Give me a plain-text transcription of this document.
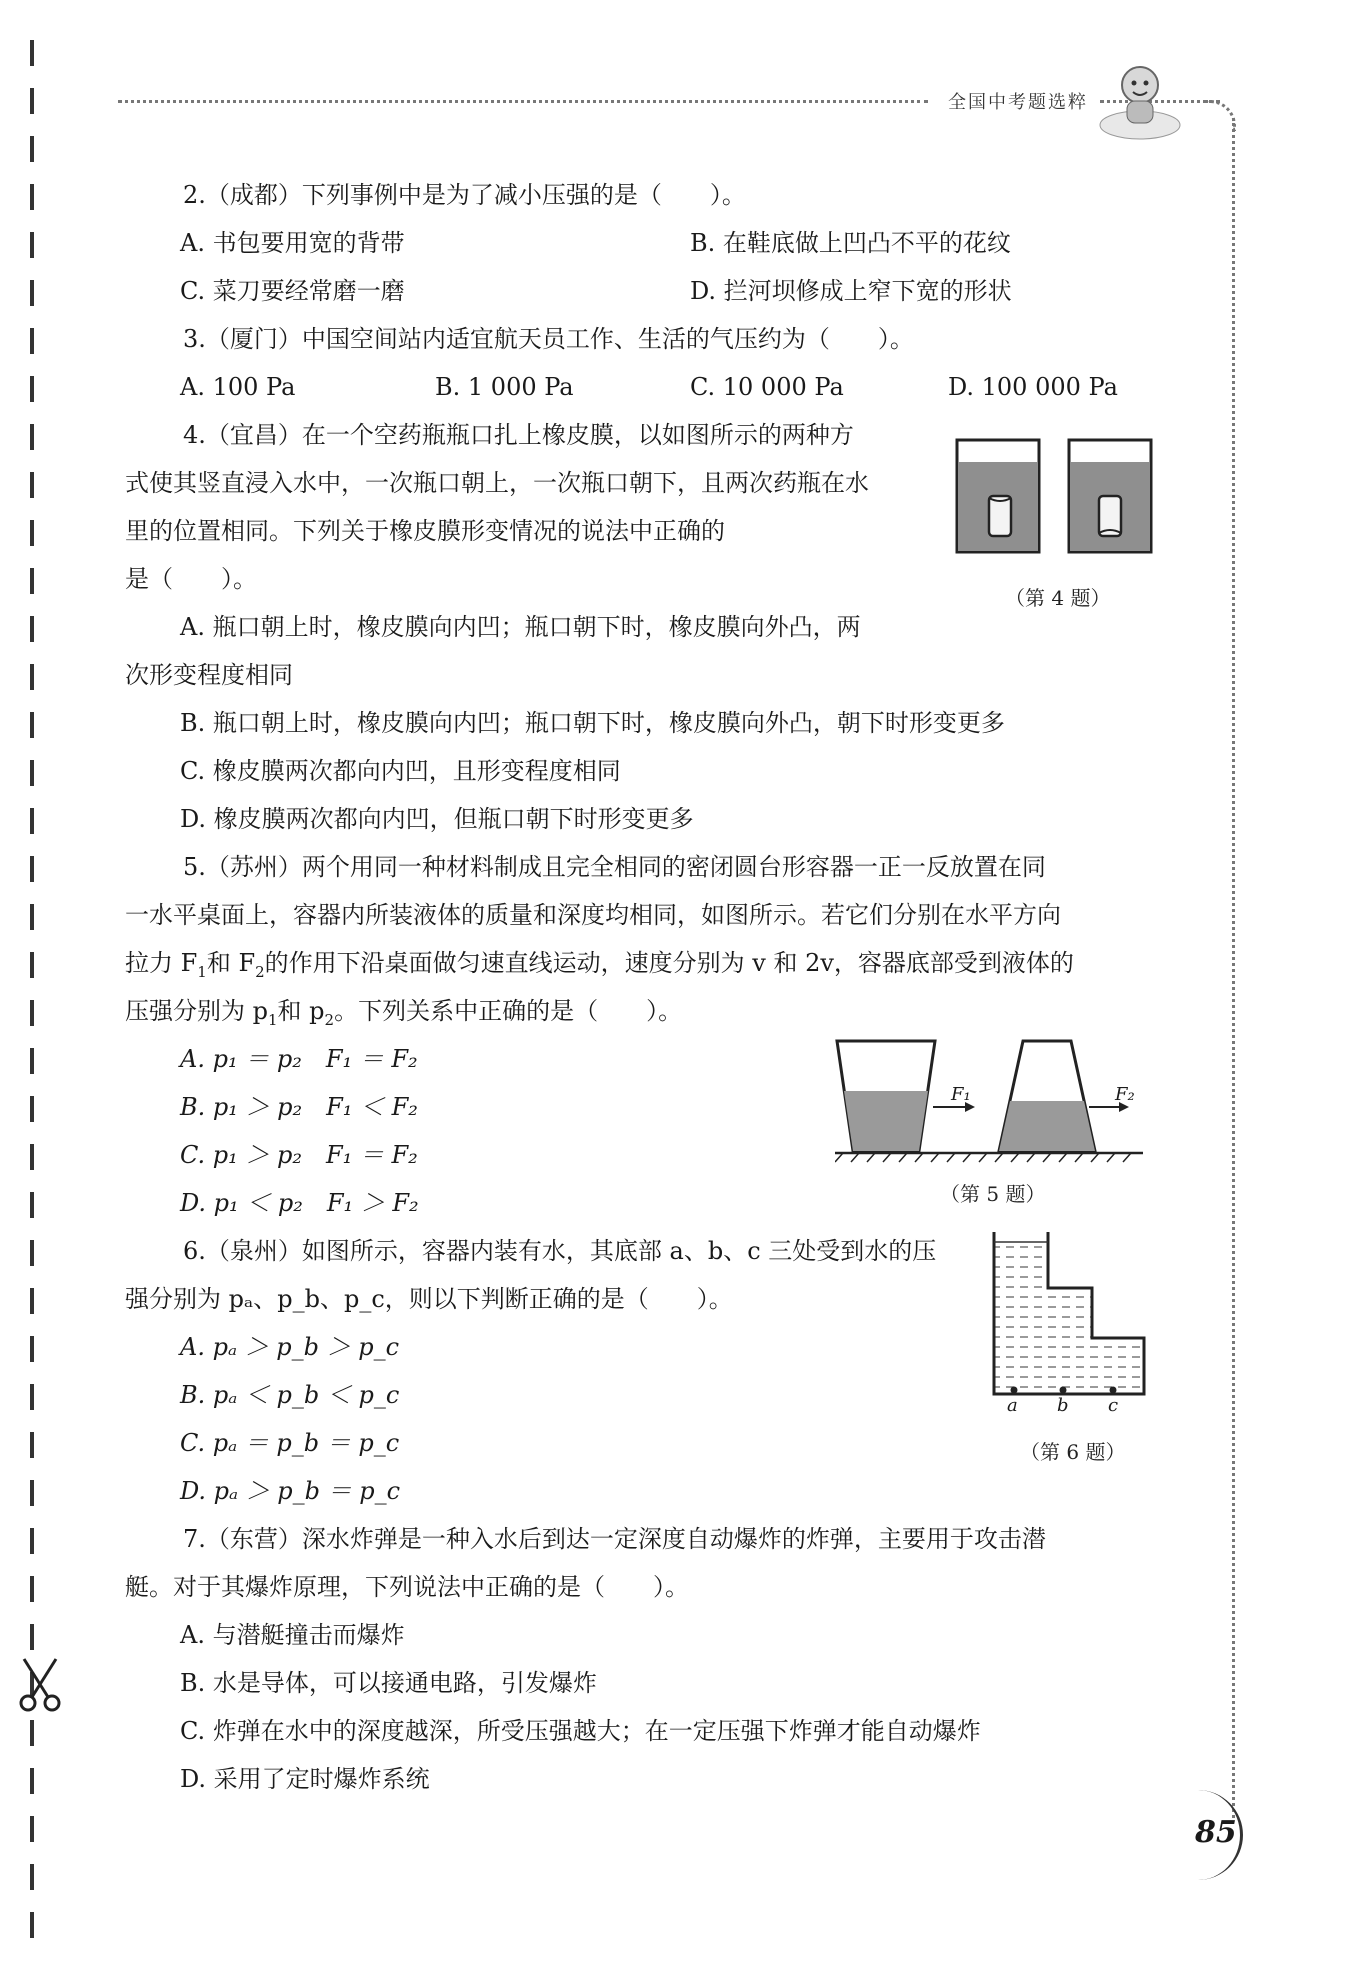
全国中考题选粹
2.（成都）下列事例中是为了减小压强的是（　　）。
A. 书包要用宽的背带	B. 在鞋底做上凹凸不平的花纹
C. 菜刀要经常磨一磨	D. 拦河坝修成上窄下宽的形状
3.（厦门）中国空间站内适宜航天员工作、生活的气压约为（　　）。
A. 100 Pa	B. 1 000 Pa	C. 10 000 Pa	D. 100 000 Pa
4.（宜昌）在一个空药瓶瓶口扎上橡皮膜，以如图所示的两种方
式使其竖直浸入水中，一次瓶口朝上，一次瓶口朝下，且两次药瓶在水
里的位置相同。下列关于橡皮膜形变情况的说法中正确的
是（　　）。
（第 4 题）
A. 瓶口朝上时，橡皮膜向内凹；瓶口朝下时，橡皮膜向外凸，两
次形变程度相同
B. 瓶口朝上时，橡皮膜向内凹；瓶口朝下时，橡皮膜向外凸，朝下时形变更多
C. 橡皮膜两次都向内凹，且形变程度相同
D. 橡皮膜两次都向内凹，但瓶口朝下时形变更多
5.（苏州）两个用同一种材料制成且完全相同的密闭圆台形容器一正一反放置在同
一水平桌面上，容器内所装液体的质量和深度均相同，如图所示。若它们分别在水平方向
拉力 $F_1$和 $F_2$的作用下沿桌面做匀速直线运动，速度分别为 v 和 2v，容器底部受到液体的
压强分别为 $p_1$和 $p_2$。下列关系中正确的是（　　）。
A. p₁ ＝ p₂　F₁ ＝ F₂
B. p₁ ＞ p₂　F₁ ＜ F₂
C. p₁ ＞ p₂　F₁ ＝ F₂
D. p₁ ＜ p₂　F₁ ＞ F₂
F₁	F₂
（第 5 题）
6.（泉州）如图所示，容器内装有水，其底部 a、b、c 三处受到水的压
强分别为 pₐ、p_b、p_c，则以下判断正确的是（　　）。
A. pₐ ＞ p_b ＞ p_c
B. pₐ ＜ p_b ＜ p_c
C. pₐ ＝ p_b ＝ p_c
D. pₐ ＞ p_b ＝ p_c
a b c
（第 6 题）
7.（东营）深水炸弹是一种入水后到达一定深度自动爆炸的炸弹，主要用于攻击潜
艇。对于其爆炸原理，下列说法中正确的是（　　）。
A. 与潜艇撞击而爆炸
B. 水是导体，可以接通电路，引发爆炸
C. 炸弹在水中的深度越深，所受压强越大；在一定压强下炸弹才能自动爆炸
D. 采用了定时爆炸系统
85
